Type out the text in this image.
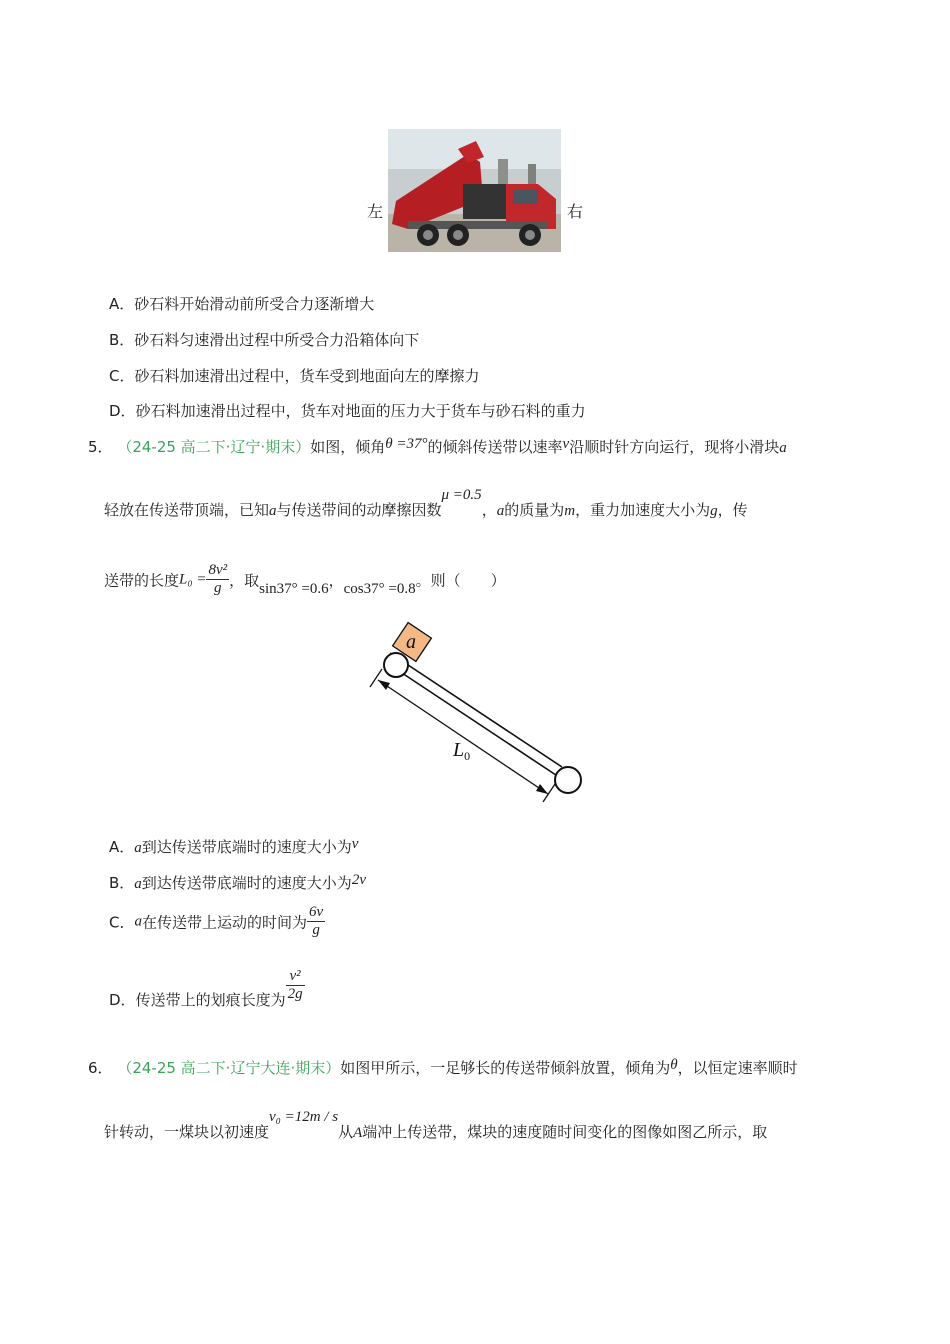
左	右
A．砂石料开始滑动前所受合力逐渐增大
B．砂石料匀速滑出过程中所受合力沿箱体向下
C．砂石料加速滑出过程中，货车受到地面向左的摩擦力
D．砂石料加速滑出过程中，货车对地面的压力大于货车与砂石料的重力
5． （24-25 高二下·辽宁·期末）如图，倾角θ =37°的倾斜传送带以速率v沿顺时针方向运行，现将小滑块a
轻放在传送带顶端，已知a与传送带间的动摩擦因数μ =0.5，a的质量为m，重力加速度大小为g，传
送带的长度$L_0 = \frac{\text{8v²}}{g}$ ，取sin37° =0.6，cos37° =0.8。则（　　）
a
$L_0$
A．a到达传送带底端时的速度大小为v
B．a到达传送带底端时的速度大小为2v
C．a在传送带上运动的时间为 $\frac{6v}{g}$
D．传送带上的划痕长度为 $\frac{\text{v²}}{2g}$
6． （24-25 高二下·辽宁大连·期末）如图甲所示，一足够长的传送带倾斜放置，倾角为θ，以恒定速率顺时
针转动，一煤块以初速度v₀ =12m / s从A端冲上传送带，煤块的速度随时间变化的图像如图乙所示，取
